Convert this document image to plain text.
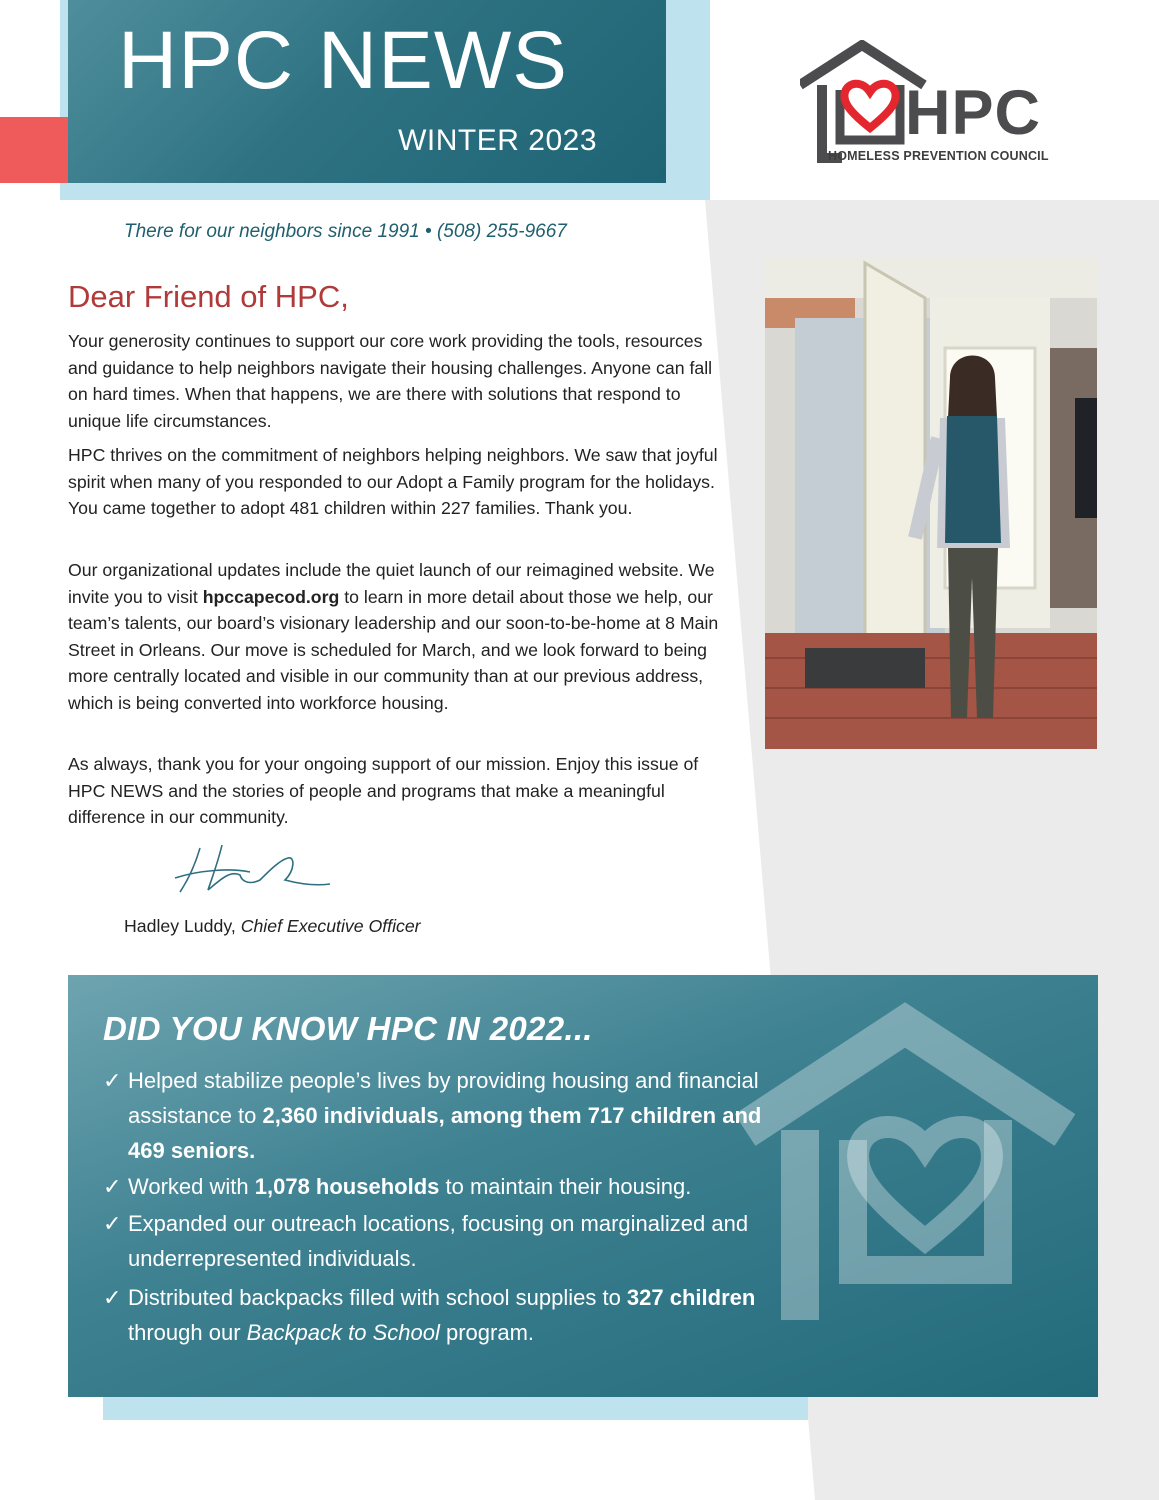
HPC NEWS
WINTER 2023	HPC
HOMELESS PREVENTION COUNCIL
There for our neighbors since 1991 • (508) 255-9667
Dear Friend of HPC,

Your generosity continues to support our core work providing the tools, resources and guidance to help neighbors navigate their housing challenges. Anyone can fall on hard times. When that happens, we are there with solutions that respond to unique life circumstances.

HPC thrives on the commitment of neighbors helping neighbors. We saw that joyful spirit when many of you responded to our Adopt a Family program for the holidays. You came together to adopt 481 children within 227 families. Thank you.

Our organizational updates include the quiet launch of our reimagined website. We invite you to visit hpccapecod.org to learn in more detail about those we help, our team’s talents, our board’s visionary leadership and our soon-to-be-home at 8 Main Street in Orleans. Our move is scheduled for March, and we look forward to being more centrally located and visible in our community than at our previous address, which is being converted into workforce housing.

As always, thank you for your ongoing support of our mission. Enjoy this issue of HPC NEWS and the stories of people and programs that make a meaningful difference in our community.

Hadley Luddy, Chief Executive Officer
DID YOU KNOW HPC IN 2022...
✓ Helped stabilize people’s lives by providing housing and financial assistance to 2,360 individuals, among them 717 children and 469 seniors.
✓ Worked with 1,078 households to maintain their housing.
✓ Expanded our outreach locations, focusing on marginalized and underrepresented individuals.
✓ Distributed backpacks filled with school supplies to 327 children through our Backpack to School program.
